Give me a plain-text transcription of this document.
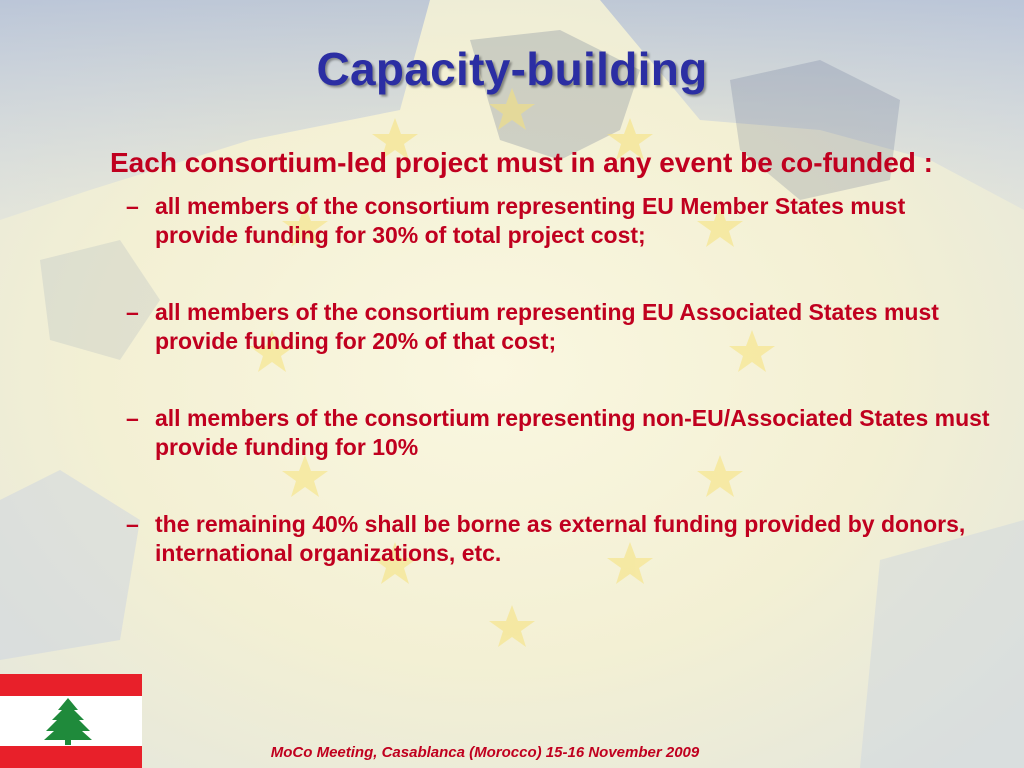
Capacity-building

Each consortium-led project must in any event be co-funded :

– all members of the consortium representing EU Member States must provide funding for 30% of total project cost;
– all members of the consortium representing EU Associated States must provide funding for 20% of that cost;
– all members of the consortium representing non-EU/Associated States must provide funding for 10%
– the remaining 40% shall be borne as external funding provided by donors, international organizations, etc.
MoCo Meeting, Casablanca (Morocco) 15-16 November 2009
